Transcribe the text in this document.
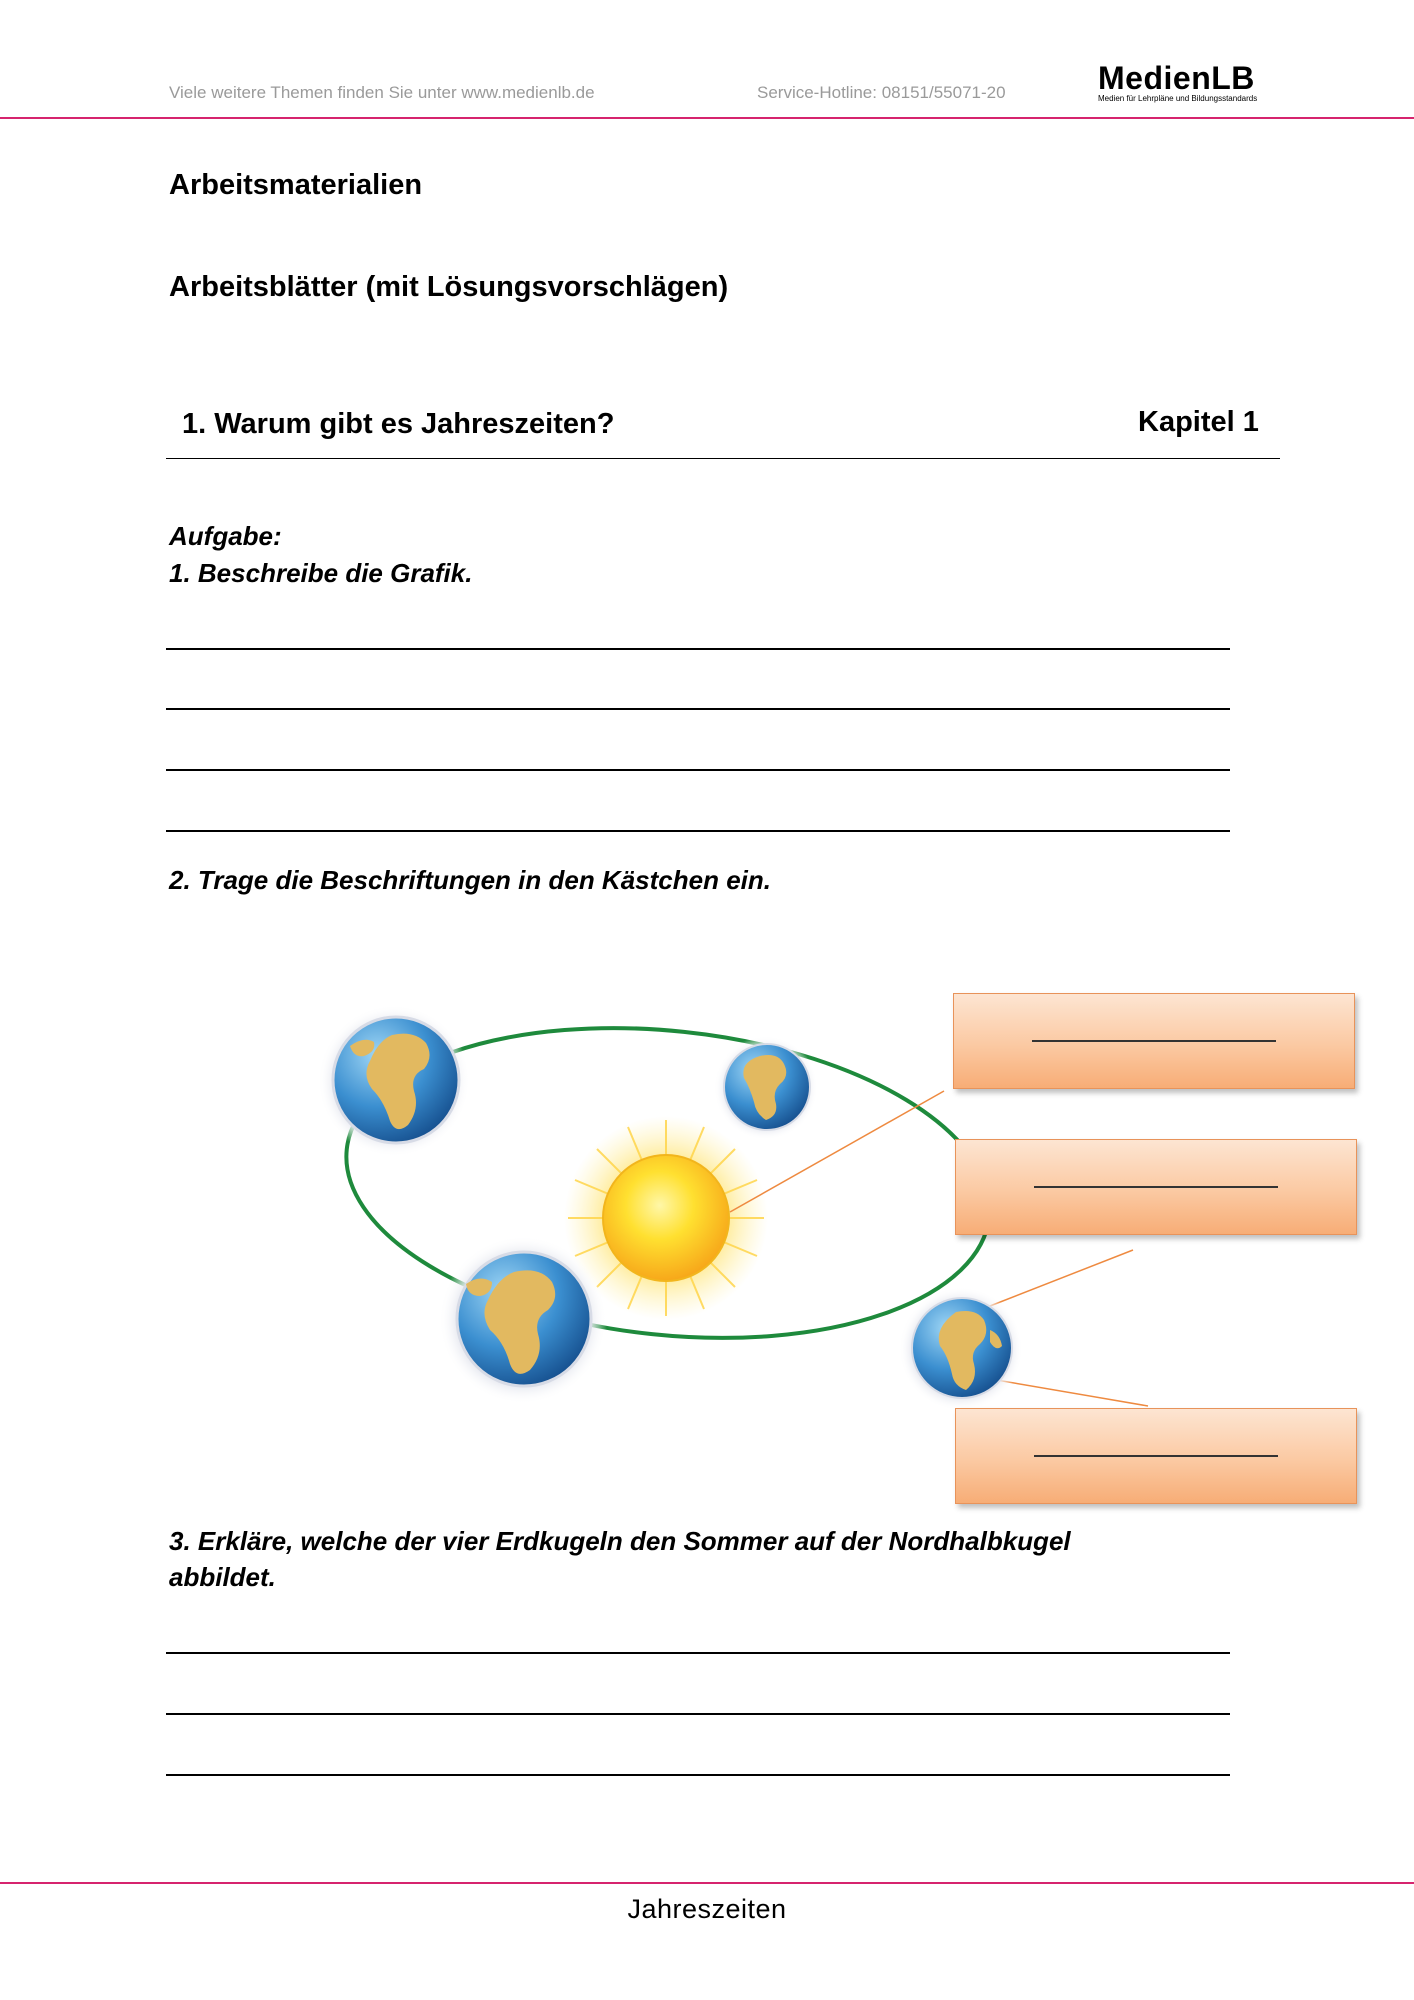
Viele weitere Themen finden Sie unter www.medienlb.de	Service-Hotline: 08151/55071-20	MedienLB
Medien für Lehrpläne und Bildungsstandards
Arbeitsmaterialien
Arbeitsblätter (mit Lösungsvorschlägen)
1. Warum gibt es Jahreszeiten?	Kapitel 1
Aufgabe:
1. Beschreibe die Grafik.
2. Trage die Beschriftungen in den Kästchen ein.
3. Erkläre, welche der vier Erdkugeln den Sommer auf der Nordhalbkugel
abbildet.
Jahreszeiten
